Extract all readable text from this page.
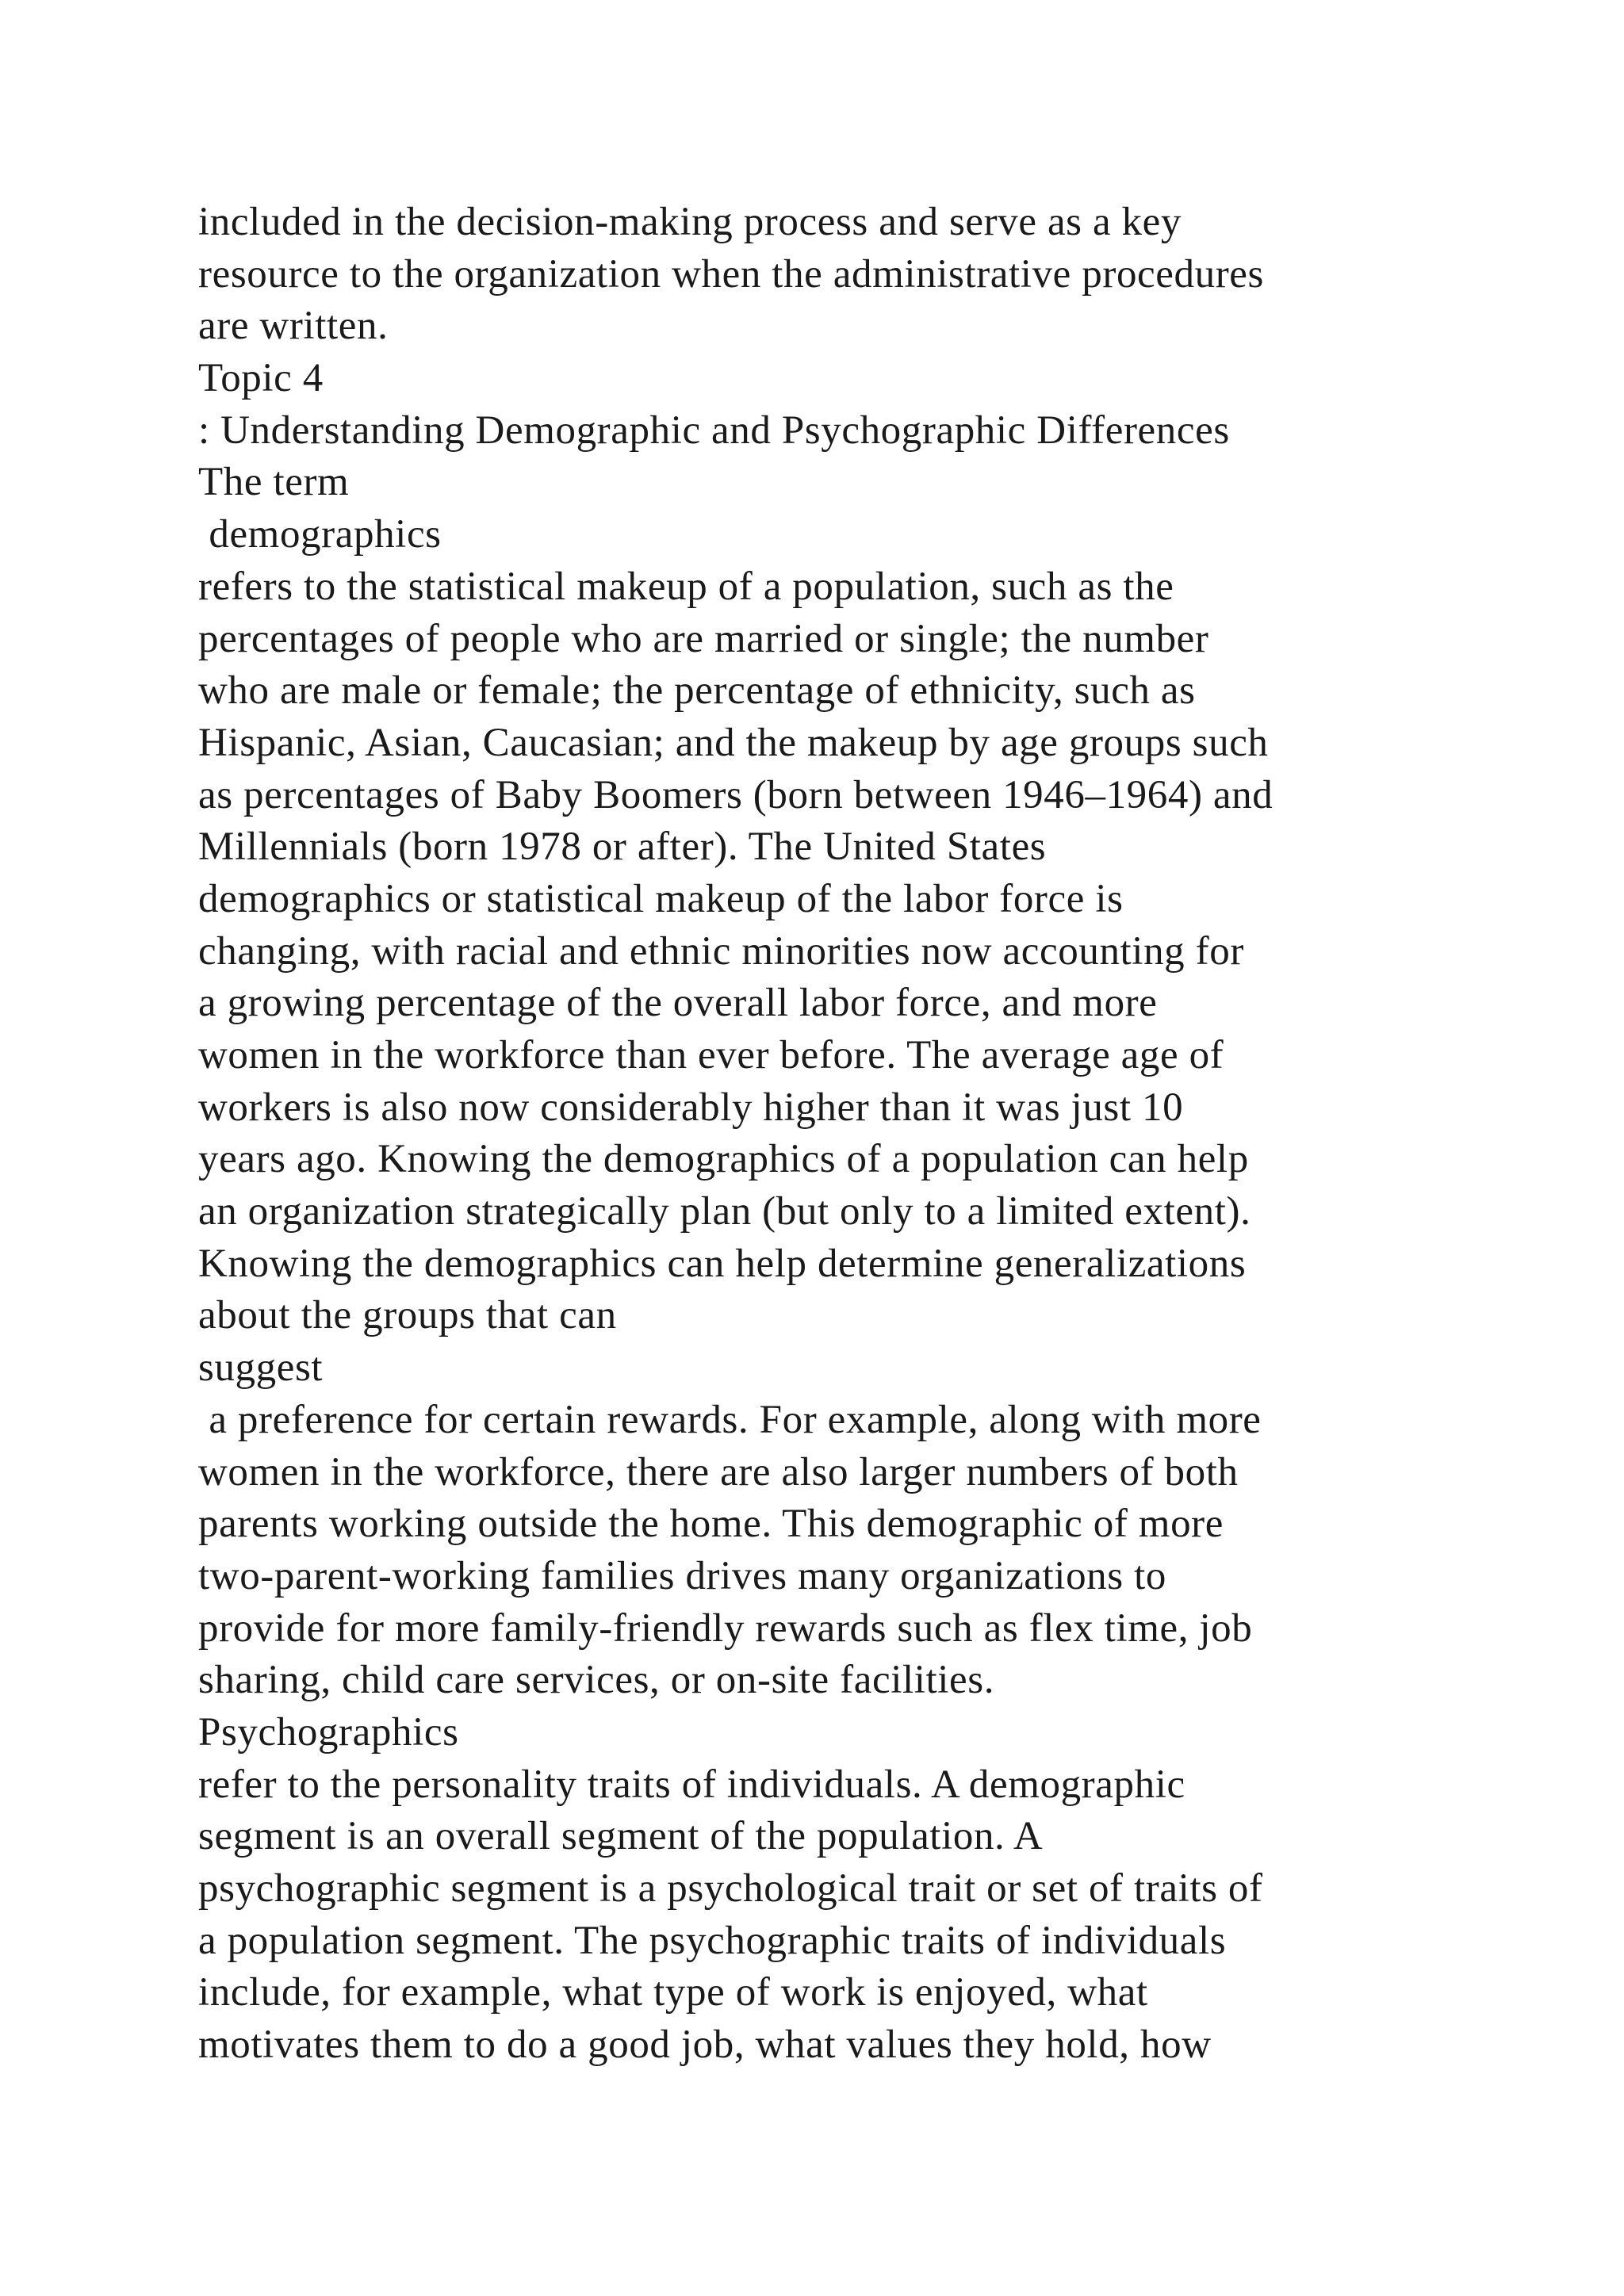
included in the decision-making process and serve as a key
resource to the organization when the administrative procedures
are written.
Topic 4
: Understanding Demographic and Psychographic Differences
The term
demographics
refers to the statistical makeup of a population, such as the
percentages of people who are married or single; the number
who are male or female; the percentage of ethnicity, such as
Hispanic, Asian, Caucasian; and the makeup by age groups such
as percentages of Baby Boomers (born between 1946–1964) and
Millennials (born 1978 or after). The United States
demographics or statistical makeup of the labor force is
changing, with racial and ethnic minorities now accounting for
a growing percentage of the overall labor force, and more
women in the workforce than ever before. The average age of
workers is also now considerably higher than it was just 10
years ago. Knowing the demographics of a population can help
an organization strategically plan (but only to a limited extent).
Knowing the demographics can help determine generalizations
about the groups that can
suggest
a preference for certain rewards. For example, along with more
women in the workforce, there are also larger numbers of both
parents working outside the home. This demographic of more
two-parent-working families drives many organizations to
provide for more family-friendly rewards such as flex time, job
sharing, child care services, or on-site facilities.
Psychographics
refer to the personality traits of individuals. A demographic
segment is an overall segment of the population. A
psychographic segment is a psychological trait or set of traits of
a population segment. The psychographic traits of individuals
include, for example, what type of work is enjoyed, what
motivates them to do a good job, what values they hold, how
